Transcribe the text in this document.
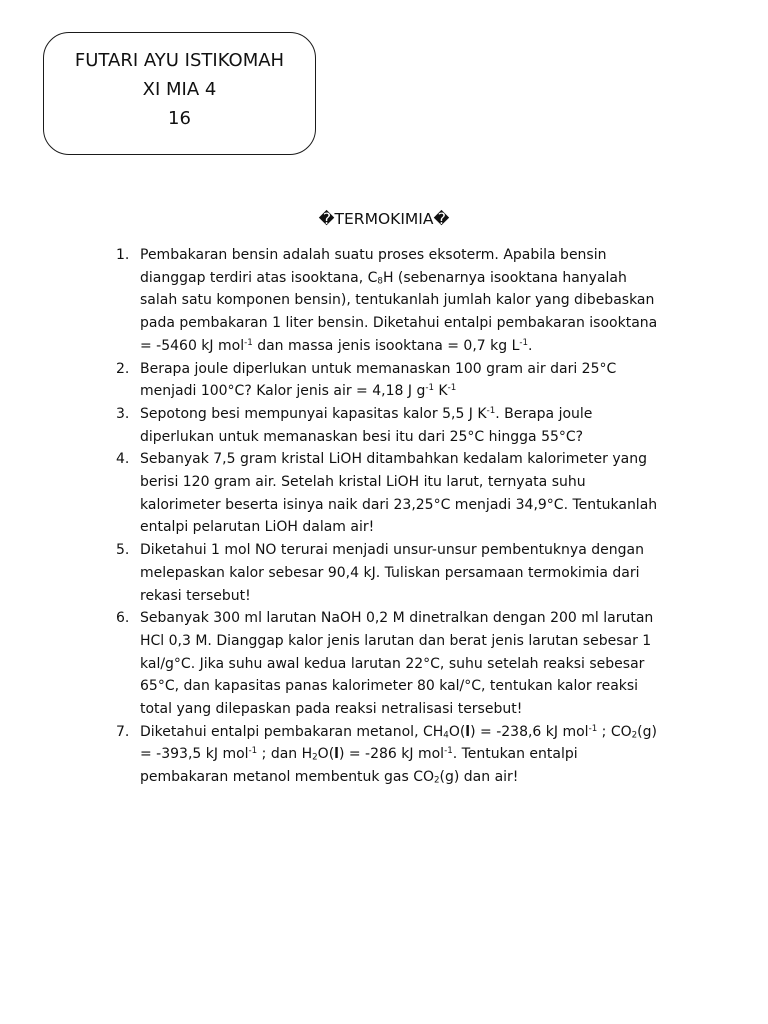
FUTARI AYU ISTIKOMAH
XI MIA 4
16
�TERMOKIMIA�
1. Pembakaran bensin adalah suatu proses eksoterm. Apabila bensin
dianggap terdiri atas isooktana, $C_8H$ (sebenarnya isooktana hanyalah
salah satu komponen bensin), tentukanlah jumlah kalor yang dibebaskan
pada pembakaran 1 liter bensin. Diketahui entalpi pembakaran isooktana
= -5460 kJ mol$^{-1}$ dan massa jenis isooktana = 0,7 kg $L^{-1}$.
2. Berapa joule diperlukan untuk memanaskan 100 gram air dari 25°C
menjadi 100°C? Kalor jenis air = 4,18 J $g^{-1}$ $K^{-1}$
3. Sepotong besi mempunyai kapasitas kalor 5,5 J $K^{-1}$. Berapa joule
diperlukan untuk memanaskan besi itu dari 25°C hingga 55°C?
4. Sebanyak 7,5 gram kristal LiOH ditambahkan kedalam kalorimeter yang
berisi 120 gram air. Setelah kristal LiOH itu larut, ternyata suhu
kalorimeter beserta isinya naik dari 23,25°C menjadi 34,9°C. Tentukanlah
entalpi pelarutan LiOH dalam air!
5. Diketahui 1 mol NO terurai menjadi unsur-unsur pembentuknya dengan
melepaskan kalor sebesar 90,4 kJ. Tuliskan persamaan termokimia dari
rekasi tersebut!
6. Sebanyak 300 ml larutan NaOH 0,2 M dinetralkan dengan 200 ml larutan
HCl 0,3 M. Dianggap kalor jenis larutan dan berat jenis larutan sebesar 1
kal/g°C. Jika suhu awal kedua larutan 22°C, suhu setelah reaksi sebesar
65°C, dan kapasitas panas kalorimeter 80 kal/°C, tentukan kalor reaksi
total yang dilepaskan pada reaksi netralisasi tersebut!
7. Diketahui entalpi pembakaran metanol, $CH_4O(l) = -238,6$ kJ mol$^{-1}$ ; $CO_2(g)$
= -393,5 kJ mol$^{-1}$ ; dan $H_2O(l) = -286$ kJ mol$^{-1}$. Tentukan entalpi
pembakaran metanol membentuk gas $CO_2(g)$ dan air!
